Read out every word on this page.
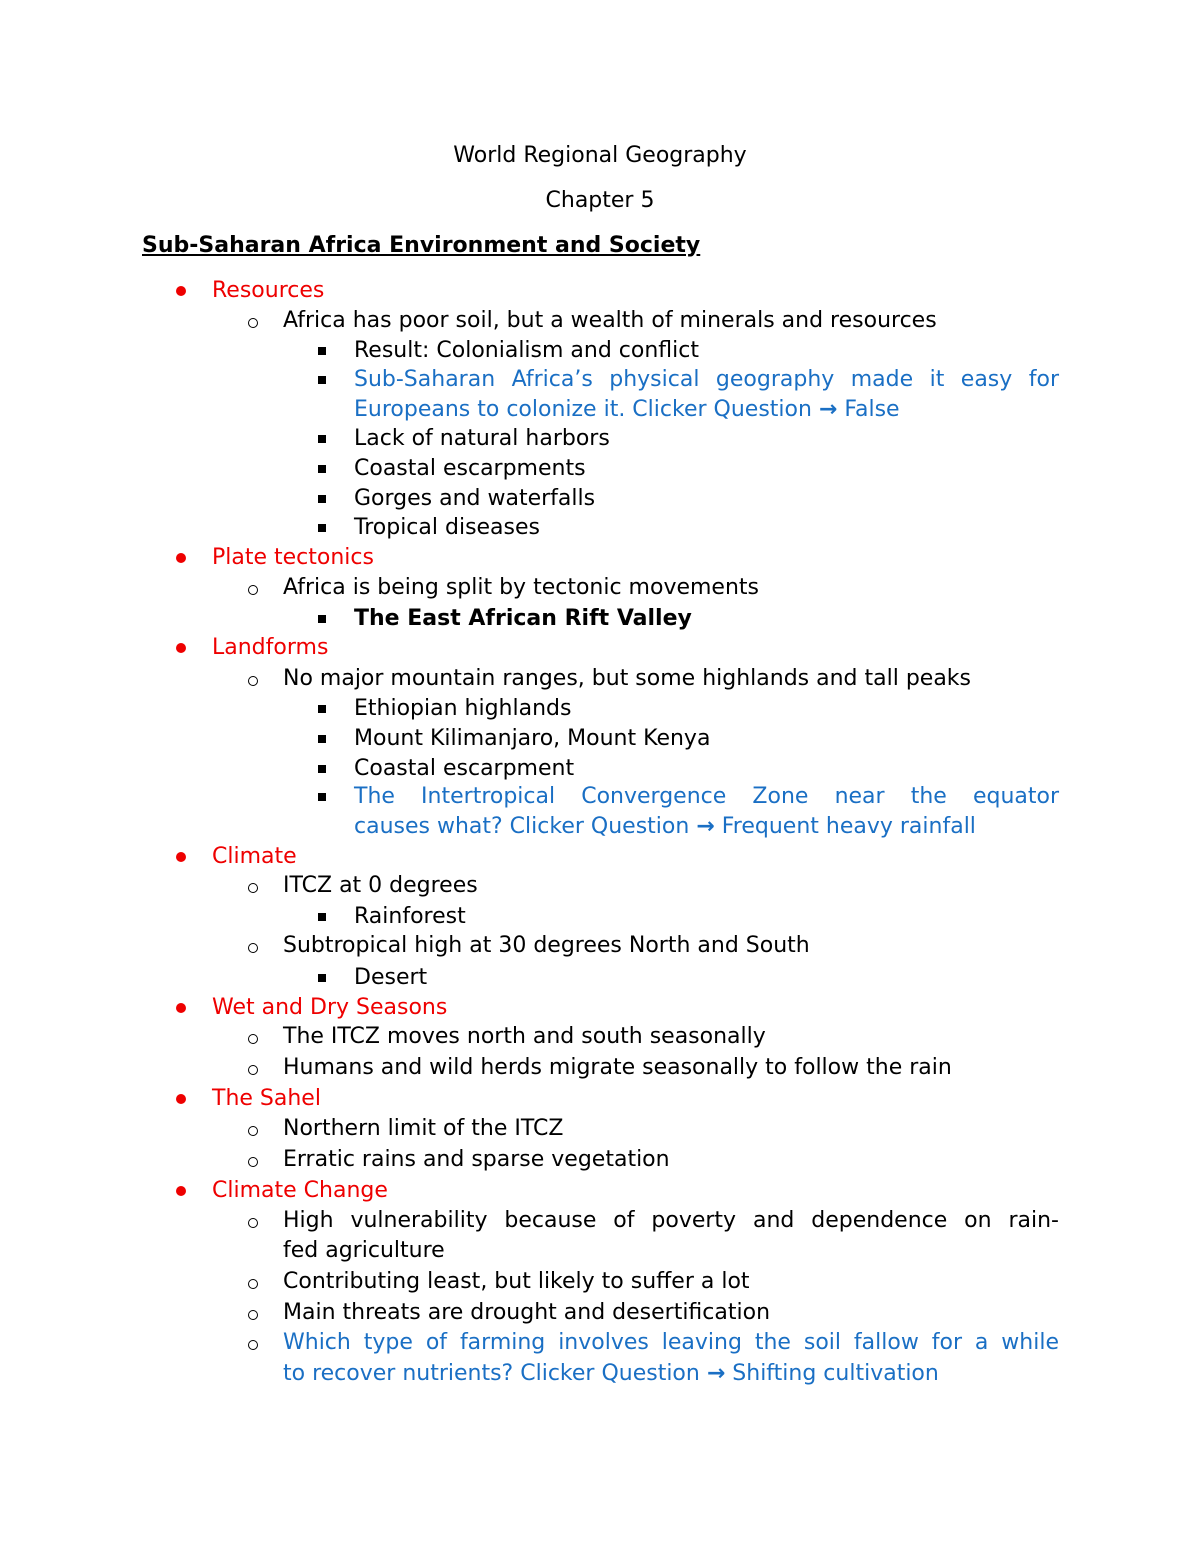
World Regional Geography
Chapter 5
Sub-Saharan Africa Environment and Society
Resources
Africa has poor soil, but a wealth of minerals and resources
Result: Colonialism and conflict
Sub-Saharan Africa’s physical geography made it easy for
Europeans to colonize it. Clicker Question → False
Lack of natural harbors
Coastal escarpments
Gorges and waterfalls
Tropical diseases
Plate tectonics
Africa is being split by tectonic movements
The East African Rift Valley
Landforms
No major mountain ranges, but some highlands and tall peaks
Ethiopian highlands
Mount Kilimanjaro, Mount Kenya
Coastal escarpment
The Intertropical Convergence Zone near the equator
causes what? Clicker Question → Frequent heavy rainfall
Climate
ITCZ at 0 degrees
Rainforest
Subtropical high at 30 degrees North and South
Desert
Wet and Dry Seasons
The ITCZ moves north and south seasonally
Humans and wild herds migrate seasonally to follow the rain
The Sahel
Northern limit of the ITCZ
Erratic rains and sparse vegetation
Climate Change
High vulnerability because of poverty and dependence on rain-
fed agriculture
Contributing least, but likely to suffer a lot
Main threats are drought and desertification
Which type of farming involves leaving the soil fallow for a while
to recover nutrients? Clicker Question → Shifting cultivation
